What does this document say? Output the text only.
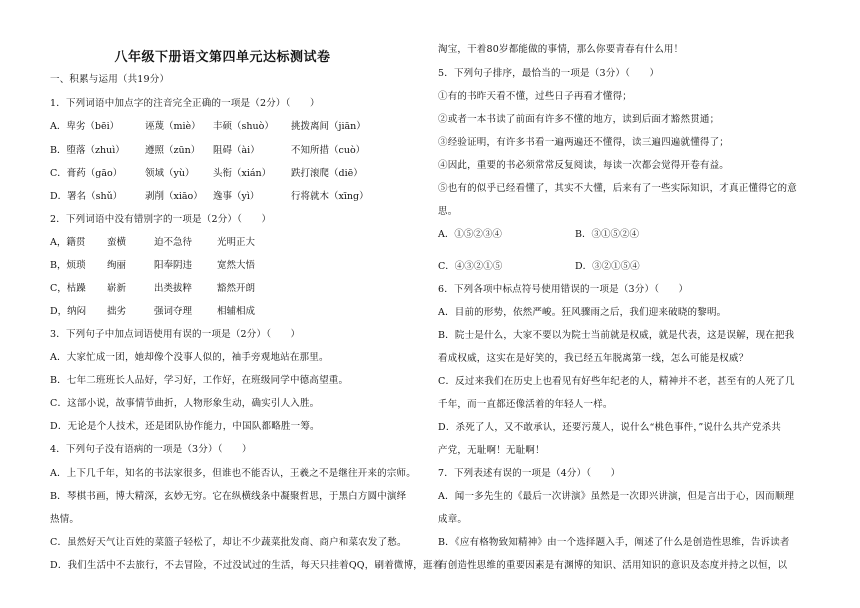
八年级下册语文第四单元达标测试卷
一、积累与运用（共19分）
1．下列词语中加点字的注音完全正确的一项是（2分）（　　）
A．卑劣（bēi）	诬蔑（miè） 丰硕（shuò） 挑拨离间（jiān）
B．堕落（zhuì） 遵照（zūn） 阻碍（ài）	不知所措（cuò）
C．膏药（gāo） 领域（yù） 头衔（xián） 跌打滚爬（diē）
D．署名（shǔ） 剥削（xiāo） 逸事（yì）	行将就木（xīng）
2．下列词语中没有错别字的一项是（2分）（　　）
A，籍贯 蛮横	迫不急待	光明正大
B，烦琐 绚丽	阳奉阴违	宽然大悟
C，枯躁 崭新	出类拔粹	豁然开朗
D，纳闷 拙劣	强词夺理	相辅相成
3．下列句子中加点词语使用有误的一项是（2分）（　　）
A．大家忙成一团，她却像个没事人似的，袖手旁观地站在那里。
B．七年二班班长人品好，学习好，工作好，在班级同学中德高望重。
C．这部小说，故事情节曲折，人物形象生动，确实引人入胜。
D．无论是个人技术，还是团队协作能力，中国队都略胜一筹。
4．下列句子没有语病的一项是（3分）（　　）
A．上下几千年，知名的书法家很多，但谁也不能否认，王羲之不是继往开来的宗师。
B．琴棋书画，博大精深，玄妙无穷。它在纵横线条中凝聚哲思，于黑白方圆中演绎
热情。
C．虽然好天气让百姓的菜篮子轻松了，却让不少蔬菜批发商、商户和菜农发了愁。
D．我们生活中不去旅行，不去冒险，不过没试过的生活，每天只挂着QQ，刷着微博，逛着
淘宝，干着80岁都能做的事情，那么你要青春有什么用！
5．下列句子排序，最恰当的一项是（3分）（　　）
①有的书昨天看不懂，过些日子再看才懂得；
②或者一本书读了前面有许多不懂的地方，读到后面才豁然贯通；
③经验证明，有许多书看一遍两遍还不懂得，读三遍四遍就懂得了；
④因此，重要的书必须常常反复阅读，每读一次都会觉得开卷有益。
⑤也有的似乎已经看懂了，其实不大懂，后来有了一些实际知识，才真正懂得它的意
思。
A．①⑤②③④	B．③①⑤②④
C．④③②①⑤	D．③②①⑤④
6．下列各项中标点符号使用错误的一项是（3分）（　　）
A．目前的形势，依然严峻。狂风骤雨之后，我们迎来破晓的黎明。
B．院士是什么，大家不要以为院士当前就是权威，就是代表，这是误解，现在把我
看成权威，这实在是好笑的，我已经五年脱离第一线，怎么可能是权威？
C．反过来我们在历史上也看见有好些年纪老的人，精神并不老，甚至有的人死了几
千年，而一直都还像活着的年轻人一样。
D．杀死了人，又不敢承认，还要污蔑人，说什么“桃色事件，”说什么共产党杀共
产党，无耻啊！无耻啊！
7．下列表述有误的一项是（4分）（　　）
A．闻一多先生的《最后一次讲演》虽然是一次即兴讲演，但是言出于心，因而顺理
成章。
B．《应有格物致知精神》由一个选择题入手，阐述了什么是创造性思维，告诉读者
有创造性思维的重要因素是有渊博的知识、活用知识的意识及态度并持之以恒，以
